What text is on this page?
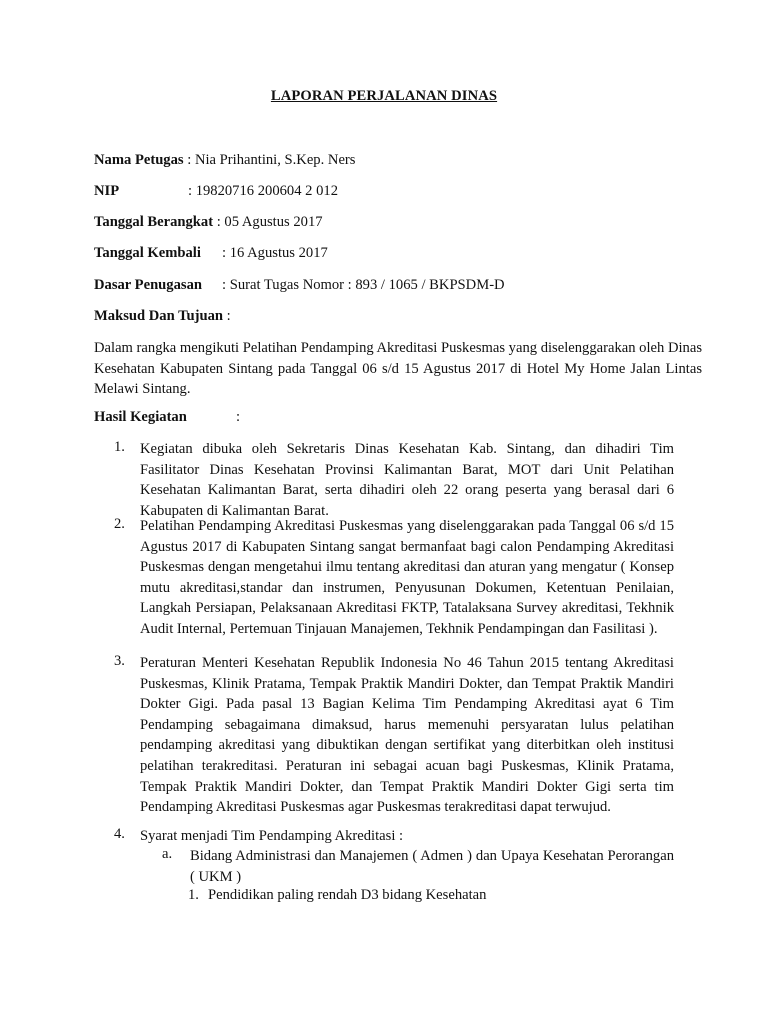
LAPORAN PERJALANAN DINAS
Nama Petugas : Nia Prihantini, S.Kep. Ners
NIP	: 19820716 200604 2 012
Tanggal Berangkat : 05 Agustus 2017
Tanggal Kembali : 16 Agustus 2017
Dasar Penugasan : Surat Tugas Nomor : 893 / 1065 / BKPSDM-D
Maksud Dan Tujuan :
Dalam rangka mengikuti Pelatihan Pendamping Akreditasi Puskesmas yang diselenggarakan oleh Dinas Kesehatan Kabupaten Sintang pada Tanggal 06 s/d 15 Agustus 2017 di Hotel My Home Jalan Lintas Melawi Sintang.
Hasil Kegiatan	:
1.	Kegiatan dibuka oleh Sekretaris Dinas Kesehatan Kab. Sintang, dan dihadiri Tim Fasilitator Dinas Kesehatan Provinsi Kalimantan Barat, MOT dari Unit Pelatihan Kesehatan Kalimantan Barat, serta dihadiri oleh 22 orang peserta yang berasal dari 6 Kabupaten di Kalimantan Barat.
2.	Pelatihan Pendamping Akreditasi Puskesmas yang diselenggarakan pada Tanggal 06 s/d 15 Agustus 2017 di Kabupaten Sintang sangat bermanfaat bagi calon Pendamping Akreditasi Puskesmas dengan mengetahui ilmu tentang akreditasi dan aturan yang mengatur ( Konsep mutu akreditasi,standar dan instrumen, Penyusunan Dokumen, Ketentuan Penilaian, Langkah Persiapan, Pelaksanaan Akreditasi FKTP, Tatalaksana Survey akreditasi, Tekhnik Audit Internal, Pertemuan Tinjauan Manajemen, Tekhnik Pendampingan dan Fasilitasi ).
3.	Peraturan Menteri Kesehatan Republik Indonesia No 46 Tahun 2015 tentang Akreditasi Puskesmas, Klinik Pratama, Tempak Praktik Mandiri Dokter, dan Tempat Praktik Mandiri Dokter Gigi. Pada pasal 13 Bagian Kelima Tim Pendamping Akreditasi ayat 6 Tim Pendamping sebagaimana dimaksud, harus memenuhi persyaratan lulus pelatihan pendamping akreditasi yang dibuktikan dengan sertifikat yang diterbitkan oleh institusi pelatihan terakreditasi. Peraturan ini sebagai acuan bagi Puskesmas, Klinik Pratama, Tempak Praktik Mandiri Dokter, dan Tempat Praktik Mandiri Dokter Gigi serta tim Pendamping Akreditasi Puskesmas agar Puskesmas terakreditasi dapat terwujud.
4.	Syarat menjadi Tim Pendamping Akreditasi :
a. Bidang Administrasi dan Manajemen ( Admen ) dan Upaya Kesehatan Perorangan ( UKM )
1. Pendidikan paling rendah D3 bidang Kesehatan
